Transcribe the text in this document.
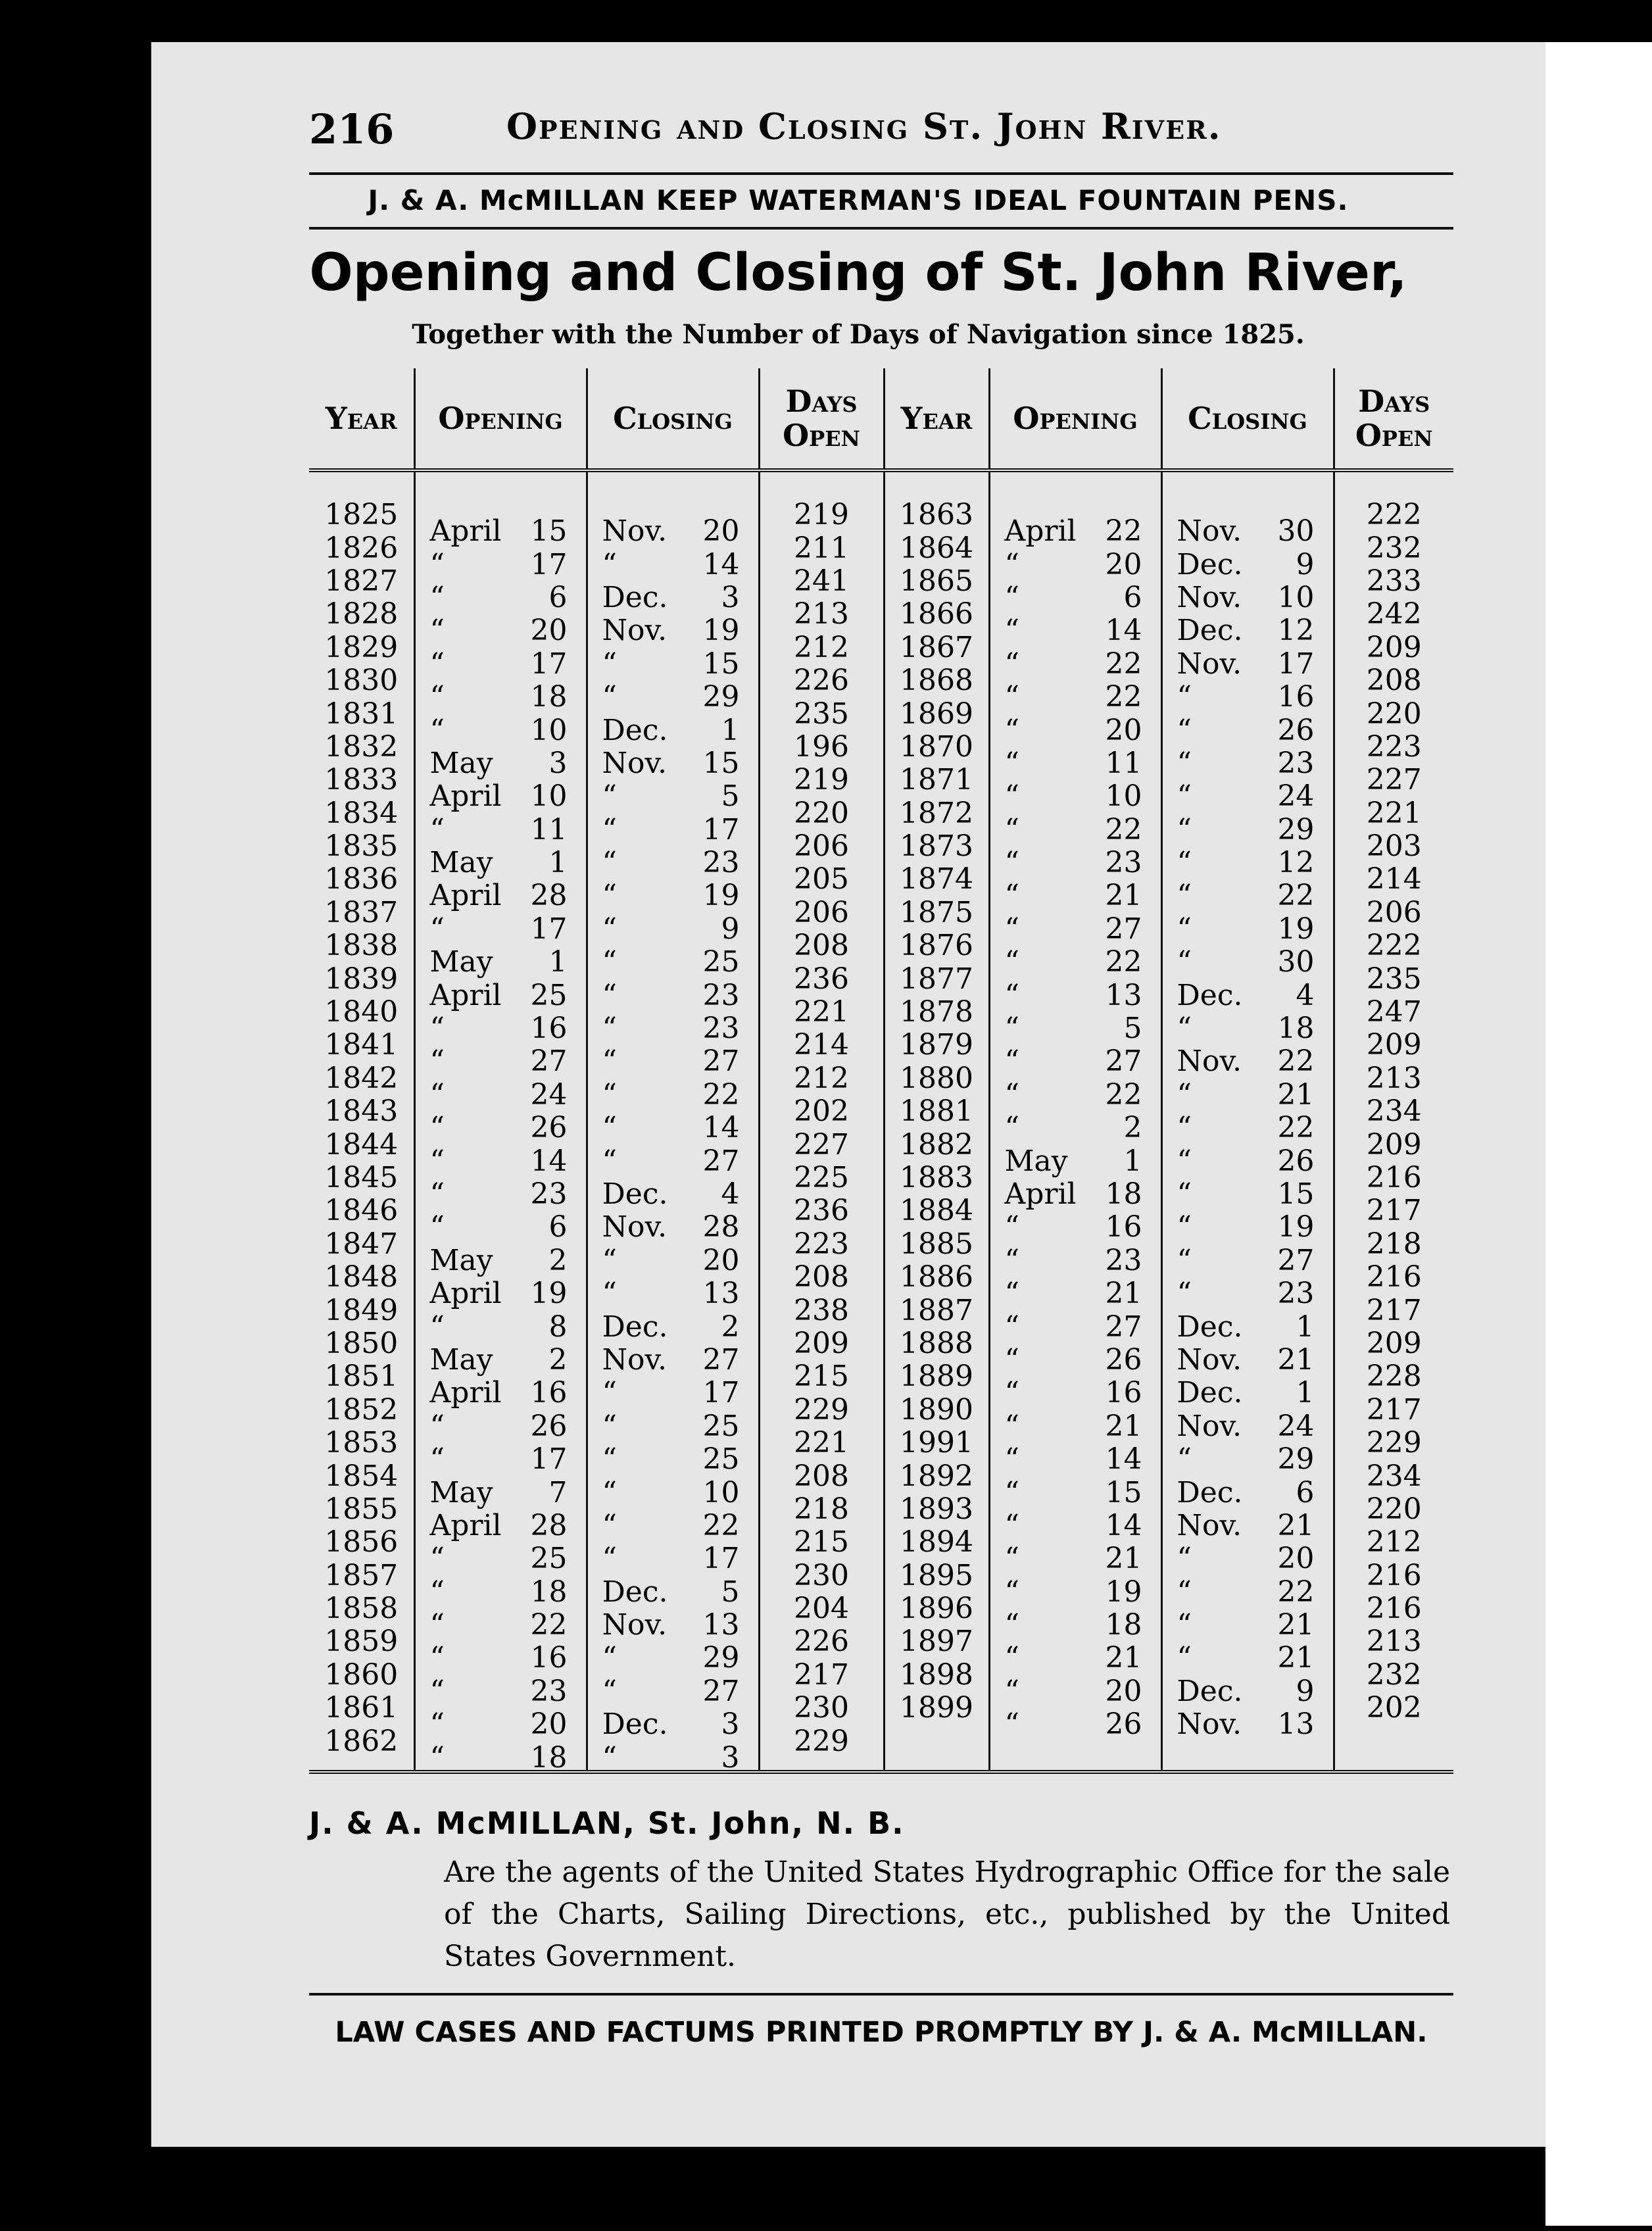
216	Opening and Closing St. John River.
J. & A. McMILLAN KEEP WATERMAN'S IDEAL FOUNTAIN PENS.
Opening and Closing of St. John River,
Together with the Number of Days of Navigation since 1825.
Year	Opening	Closing	Days Open	Year	Opening	Closing	Days Open

1825	April 15	Nov. 20	219	1863	April 22	Nov. 30	222
1826	“ 17	“ 14	211	1864	“ 20	Dec. 9	232
1827	“ 6	Dec. 3	241	1865	“ 6	Nov. 10	233
1828	“ 20	Nov. 19	213	1866	“ 14	Dec. 12	242
1829	“ 17	“ 15	212	1867	“ 22	Nov. 17	209
1830	“ 18	“ 29	226	1868	“ 22	“ 16	208
1831	“ 10	Dec. 1	235	1869	“ 20	“ 26	220
1832	May 3	Nov. 15	196	1870	“ 11	“ 23	223
1833	April 10	“ 5	219	1871	“ 10	“ 24	227
1834	“ 11	“ 17	220	1872	“ 22	“ 29	221
1835	May 1	“ 23	206	1873	“ 23	“ 12	203
1836	April 28	“ 19	205	1874	“ 21	“ 22	214
1837	“ 17	“ 9	206	1875	“ 27	“ 19	206
1838	May 1	“ 25	208	1876	“ 22	“ 30	222
1839	April 25	“ 23	236	1877	“ 13	Dec. 4	235
1840	“ 16	“ 23	221	1878	“ 5	“ 18	247
1841	“ 27	“ 27	214	1879	“ 27	Nov. 22	209
1842	“ 24	“ 22	212	1880	“ 22	“ 21	213
1843	“ 26	“ 14	202	1881	“ 2	“ 22	234
1844	“ 14	“ 27	227	1882	May 1	“ 26	209
1845	“ 23	Dec. 4	225	1883	April 18	“ 15	216
1846	“ 6	Nov. 28	236	1884	“ 16	“ 19	217
1847	May 2	“ 20	223	1885	“ 23	“ 27	218
1848	April 19	“ 13	208	1886	“ 21	“ 23	216
1849	“ 8	Dec. 2	238	1887	“ 27	Dec. 1	217
1850	May 2	Nov. 27	209	1888	“ 26	Nov. 21	209
1851	April 16	“ 17	215	1889	“ 16	Dec. 1	228
1852	“ 26	“ 25	229	1890	“ 21	Nov. 24	217
1853	“ 17	“ 25	221	1991	“ 14	“ 29	229
1854	May 7	“ 10	208	1892	“ 15	Dec. 6	234
1855	April 28	“ 22	218	1893	“ 14	Nov. 21	220
1856	“ 25	“ 17	215	1894	“ 21	“ 20	212
1857	“ 18	Dec. 5	230	1895	“ 19	“ 22	216
1858	“ 22	Nov. 13	204	1896	“ 18	“ 21	216
1859	“ 16	“ 29	226	1897	“ 21	“ 21	213
1860	“ 23	“ 27	217	1898	“ 20	Dec. 9	232
1861	“ 20	Dec. 3	230	1899	“ 26	Nov. 13	202
1862	“ 18	“ 3	229		

J. & A. McMILLAN, St. John, N. B.
Are the agents of the United States Hydrographic Office for the sale of the Charts, Sailing Directions, etc., published by the United States Government.
LAW CASES AND FACTUMS PRINTED PROMPTLY BY J. & A. McMILLAN.
